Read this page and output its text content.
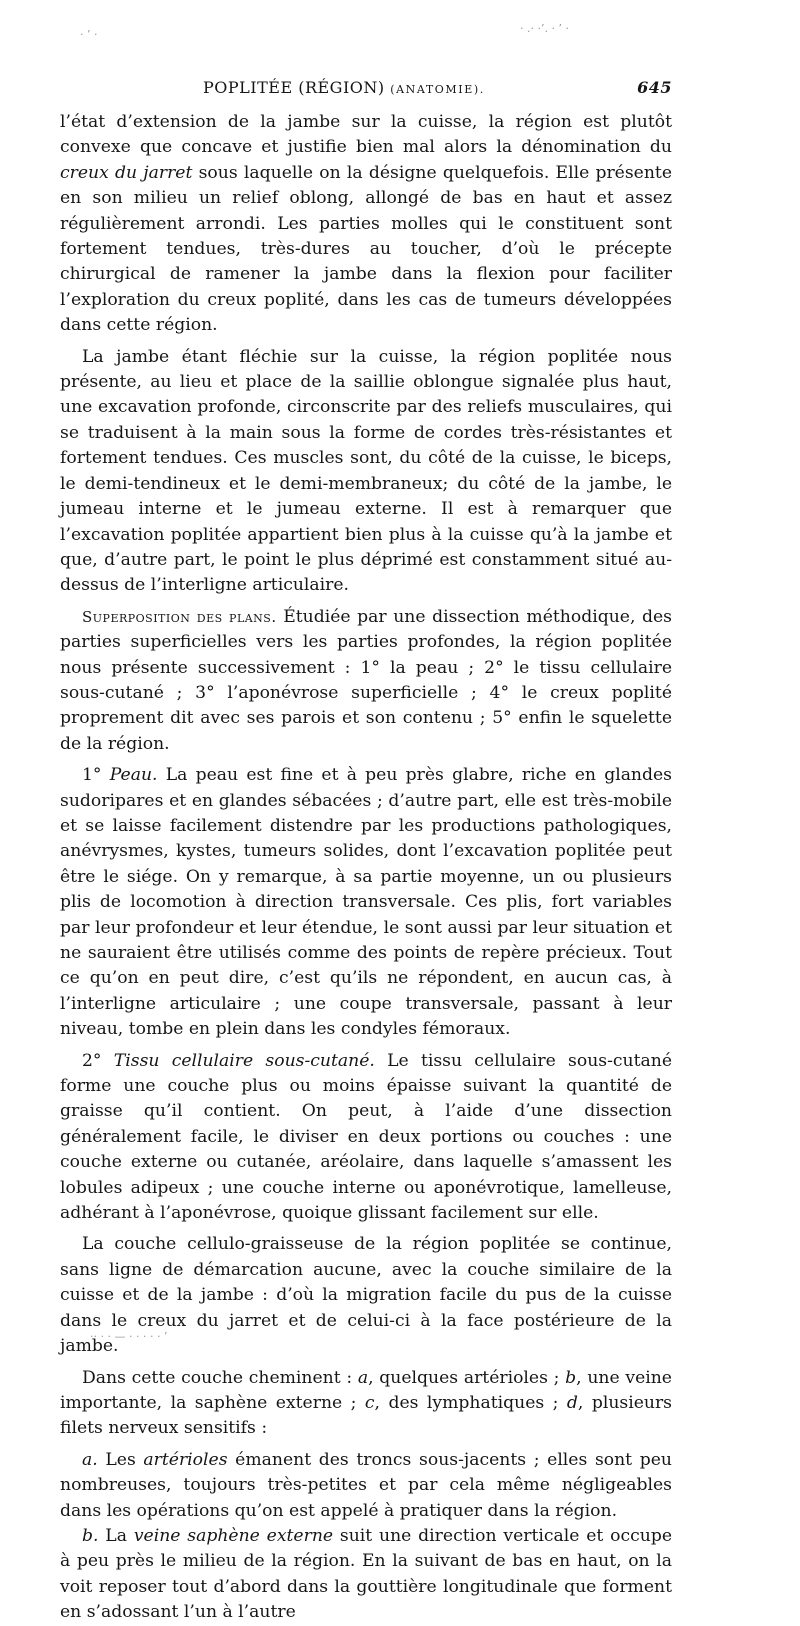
· ’ ·	· .· ·’. · ’ ·
POPLITÉE (RÉGION) (ANATOMIE).	645

l’état d’extension de la jambe sur la cuisse, la région est plutôt convexe que concave et justifie bien mal alors la dénomination du creux du jarret sous laquelle on la désigne quelquefois. Elle présente en son milieu un relief oblong, allongé de bas en haut et assez régulièrement arrondi. Les parties molles qui le constituent sont fortement tendues, très-dures au toucher, d’où le précepte chirurgical de ramener la jambe dans la flexion pour faciliter l’exploration du creux poplité, dans les cas de tumeurs développées dans cette région.

La jambe étant fléchie sur la cuisse, la région poplitée nous présente, au lieu et place de la saillie oblongue signalée plus haut, une excavation profonde, circonscrite par des reliefs musculaires, qui se traduisent à la main sous la forme de cordes très-résistantes et fortement tendues. Ces muscles sont, du côté de la cuisse, le biceps, le demi-tendineux et le demi-membraneux; du côté de la jambe, le jumeau interne et le jumeau externe. Il est à remarquer que l’excavation poplitée appartient bien plus à la cuisse qu’à la jambe et que, d’autre part, le point le plus déprimé est constamment situé au-dessus de l’interligne articulaire.

Superposition des plans. Étudiée par une dissection méthodique, des parties superficielles vers les parties profondes, la région poplitée nous présente successivement : 1° la peau ; 2° le tissu cellulaire sous-cutané ; 3° l’aponévrose superficielle ; 4° le creux poplité proprement dit avec ses parois et son contenu ; 5° enfin le squelette de la région.

1° Peau. La peau est fine et à peu près glabre, riche en glandes sudoripares et en glandes sébacées ; d’autre part, elle est très-mobile et se laisse facilement distendre par les productions pathologiques, anévrysmes, kystes, tumeurs solides, dont l’excavation poplitée peut être le siége. On y remarque, à sa partie moyenne, un ou plusieurs plis de locomotion à direction transversale. Ces plis, fort variables par leur profondeur et leur étendue, le sont aussi par leur situation et ne sauraient être utilisés comme des points de repère précieux. Tout ce qu’on en peut dire, c’est qu’ils ne répondent, en aucun cas, à l’interligne articulaire ; une coupe transversale, passant à leur niveau, tombe en plein dans les condyles fémoraux.

2° Tissu cellulaire sous-cutané. Le tissu cellulaire sous-cutané forme une couche plus ou moins épaisse suivant la quantité de graisse qu’il contient. On peut, à l’aide d’une dissection généralement facile, le diviser en deux portions ou couches : une couche externe ou cutanée, aréolaire, dans laquelle s’amassent les lobules adipeux ; une couche interne ou aponévrotique, lamelleuse, adhérant à l’aponévrose, quoique glissant facilement sur elle.

La couche cellulo-graisseuse de la région poplitée se continue, sans ligne de démarcation aucune, avec la couche similaire de la cuisse et de la jambe : d’où la migration facile du pus de la cuisse dans le creux du jarret et de celui-ci à la face postérieure de la jambe.

Dans cette couche cheminent : a, quelques artérioles ; b, une veine importante, la saphène externe ; c, des lymphatiques ; d, plusieurs filets nerveux sensitifs :

a. Les artérioles émanent des troncs sous-jacents ; elles sont peu nombreuses, toujours très-petites et par cela même négligeables dans les opérations qu’on est appelé à pratiquer dans la région.

b. La veine saphène externe suit une direction verticale et occupe à peu près le milieu de la région. En la suivant de bas en haut, on la voit reposer tout d’abord dans la gouttière longitudinale que forment en s’adossant l’un à l’autre

·· · · — · · · · · ’
